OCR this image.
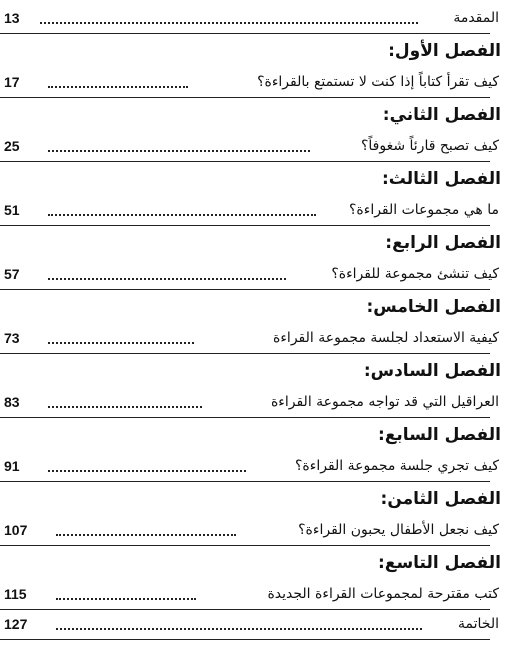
13	المقدمة
الفصل الأول:
17	كيف تقرأ كتاباً إذا كنت لا تستمتع بالقراءة؟
الفصل الثاني:
25	كيف تصبح قارئاً شغوفاً؟
الفصل الثالث:
51	ما هي مجموعات القراءة؟
الفصل الرابع:
57	كيف تنشئ مجموعة للقراءة؟
الفصل الخامس:
73	كيفية الاستعداد لجلسة مجموعة القراءة
الفصل السادس:
83	العراقيل التي قد تواجه مجموعة القراءة
الفصل السابع:
91	كيف تجري جلسة مجموعة القراءة؟
الفصل الثامن:
107	كيف نجعل الأطفال يحبون القراءة؟
الفصل التاسع:
115	كتب مقترحة لمجموعات القراءة الجديدة
127	الخاتمة
